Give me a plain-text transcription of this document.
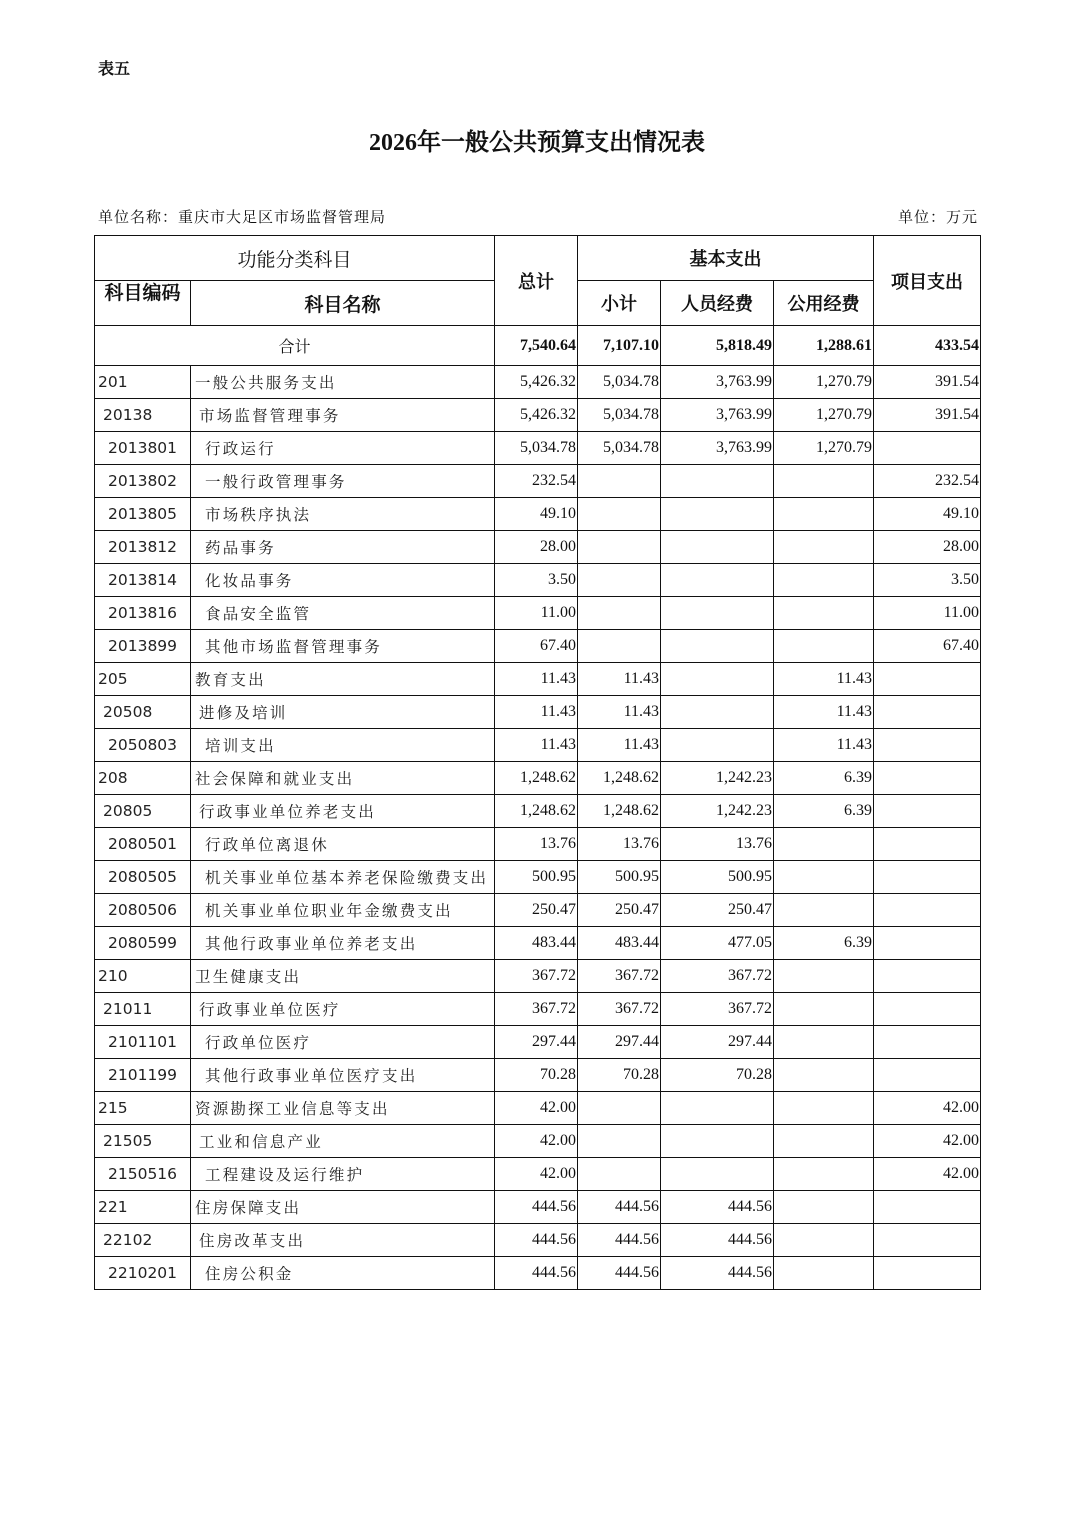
表五
2026年一般公共预算支出情况表
单位名称：重庆市大足区市场监督管理局	单位：万元
功能分类科目		总计	基本支出			项目支出
科目编码	科目名称		小计	人员经费	公用经费	
合计		7,540.64	7,107.10	5,818.49	1,288.61	433.54
201	一般公共服务支出	5,426.32	5,034.78	3,763.99	1,270.79	391.54
20138	市场监督管理事务	5,426.32	5,034.78	3,763.99	1,270.79	391.54
2013801	行政运行	5,034.78	5,034.78	3,763.99	1,270.79	
2013802	一般行政管理事务	232.54				232.54
2013805	市场秩序执法	49.10				49.10
2013812	药品事务	28.00				28.00
2013814	化妆品事务	3.50				3.50
2013816	食品安全监管	11.00				11.00
2013899	其他市场监督管理事务	67.40				67.40
205	教育支出	11.43	11.43		11.43	
20508	进修及培训	11.43	11.43		11.43	
2050803	培训支出	11.43	11.43		11.43	
208	社会保障和就业支出	1,248.62	1,248.62	1,242.23	6.39	
20805	行政事业单位养老支出	1,248.62	1,248.62	1,242.23	6.39	
2080501	行政单位离退休	13.76	13.76	13.76		
2080505	机关事业单位基本养老保险缴费支出	500.95	500.95	500.95		
2080506	机关事业单位职业年金缴费支出	250.47	250.47	250.47		
2080599	其他行政事业单位养老支出	483.44	483.44	477.05	6.39	
210	卫生健康支出	367.72	367.72	367.72		
21011	行政事业单位医疗	367.72	367.72	367.72		
2101101	行政单位医疗	297.44	297.44	297.44		
2101199	其他行政事业单位医疗支出	70.28	70.28	70.28		
215	资源勘探工业信息等支出	42.00				42.00
21505	工业和信息产业	42.00				42.00
2150516	工程建设及运行维护	42.00				42.00
221	住房保障支出	444.56	444.56	444.56		
22102	住房改革支出	444.56	444.56	444.56		
2210201	住房公积金	444.56	444.56	444.56		
